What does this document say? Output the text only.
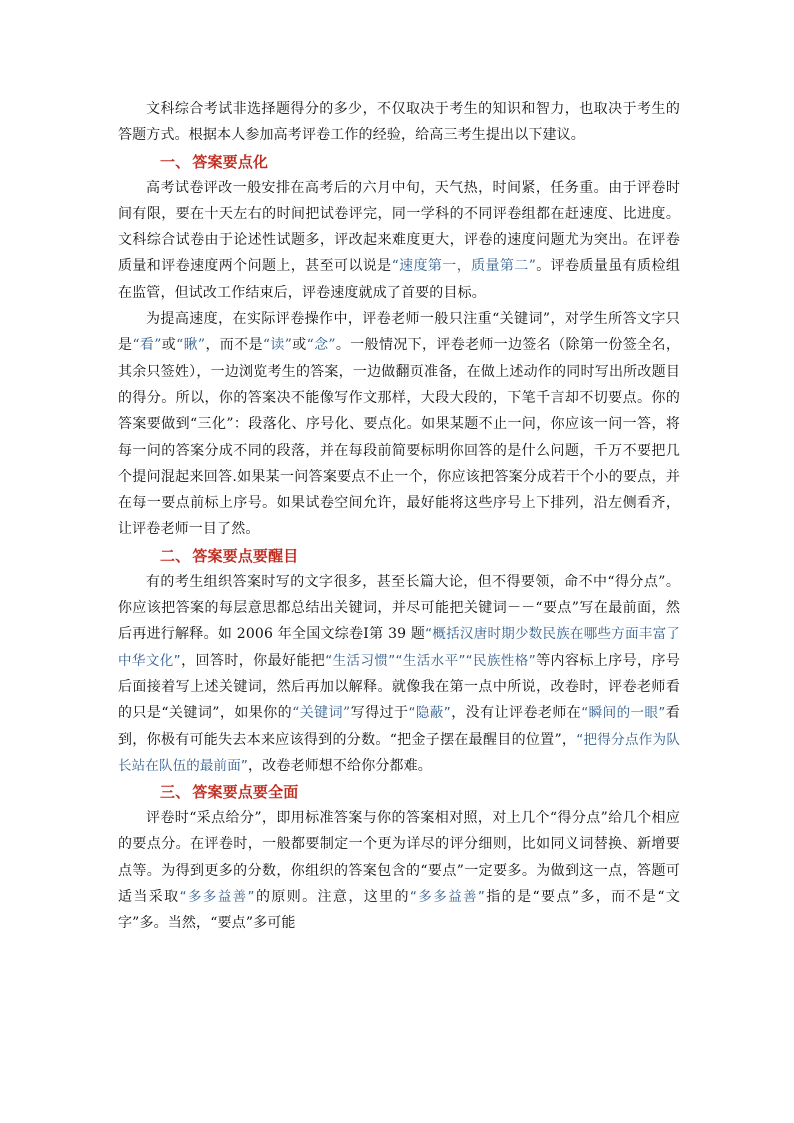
文科综合考试非选择题得分的多少，不仅取决于考生的知识和智力，也取决于考生的答题方式。根据本人参加高考评卷工作的经验，给高三考生提出以下建议。

一、 答案要点化

高考试卷评改一般安排在高考后的六月中旬，天气热，时间紧，任务重。由于评卷时间有限，要在十天左右的时间把试卷评完，同一学科的不同评卷组都在赶速度、比进度。文科综合试卷由于论述性试题多，评改起来难度更大，评卷的速度问题尤为突出。在评卷质量和评卷速度两个问题上，甚至可以说是“速度第一，质量第二”。评卷质量虽有质检组在监管，但试改工作结束后，评卷速度就成了首要的目标。

为提高速度，在实际评卷操作中，评卷老师一般只注重“关键词”，对学生所答文字只是“看”或“瞅”，而不是“读”或“念”。一般情况下，评卷老师一边签名（除第一份签全名，其余只签姓），一边浏览考生的答案，一边做翻页准备，在做上述动作的同时写出所改题目的得分。所以，你的答案决不能像写作文那样，大段大段的，下笔千言却不切要点。你的答案要做到“三化”：段落化、序号化、要点化。如果某题不止一问，你应该一问一答，将每一问的答案分成不同的段落，并在每段前简要标明你回答的是什么问题，千万不要把几个提问混起来回答.如果某一问答案要点不止一个，你应该把答案分成若干个小的要点，并在每一要点前标上序号。如果试卷空间允许，最好能将这些序号上下排列，沿左侧看齐，让评卷老师一目了然。

二、 答案要点要醒目

有的考生组织答案时写的文字很多，甚至长篇大论，但不得要领，命不中“得分点”。你应该把答案的每层意思都总结出关键词，并尽可能把关键词－－“要点”写在最前面，然后再进行解释。如 2006 年全国文综卷Ⅰ第 39 题“概括汉唐时期少数民族在哪些方面丰富了中华文化”，回答时，你最好能把“生活习惯”“生活水平”“民族性格”等内容标上序号，序号后面接着写上述关键词，然后再加以解释。就像我在第一点中所说，改卷时，评卷老师看的只是“关键词”，如果你的“关键词”写得过于“隐蔽”，没有让评卷老师在“瞬间的一眼”看到，你极有可能失去本来应该得到的分数。“把金子摆在最醒目的位置”，“把得分点作为队长站在队伍的最前面”，改卷老师想不给你分都难。

三、 答案要点要全面

评卷时“采点给分”，即用标准答案与你的答案相对照，对上几个“得分点”给几个相应的要点分。在评卷时，一般都要制定一个更为详尽的评分细则，比如同义词替换、新增要点等。为得到更多的分数，你组织的答案包含的“要点”一定要多。为做到这一点，答题可适当采取“多多益善”的原则。注意，这里的“多多益善”指的是“要点”多，而不是“文字”多。当然，“要点”多可能
